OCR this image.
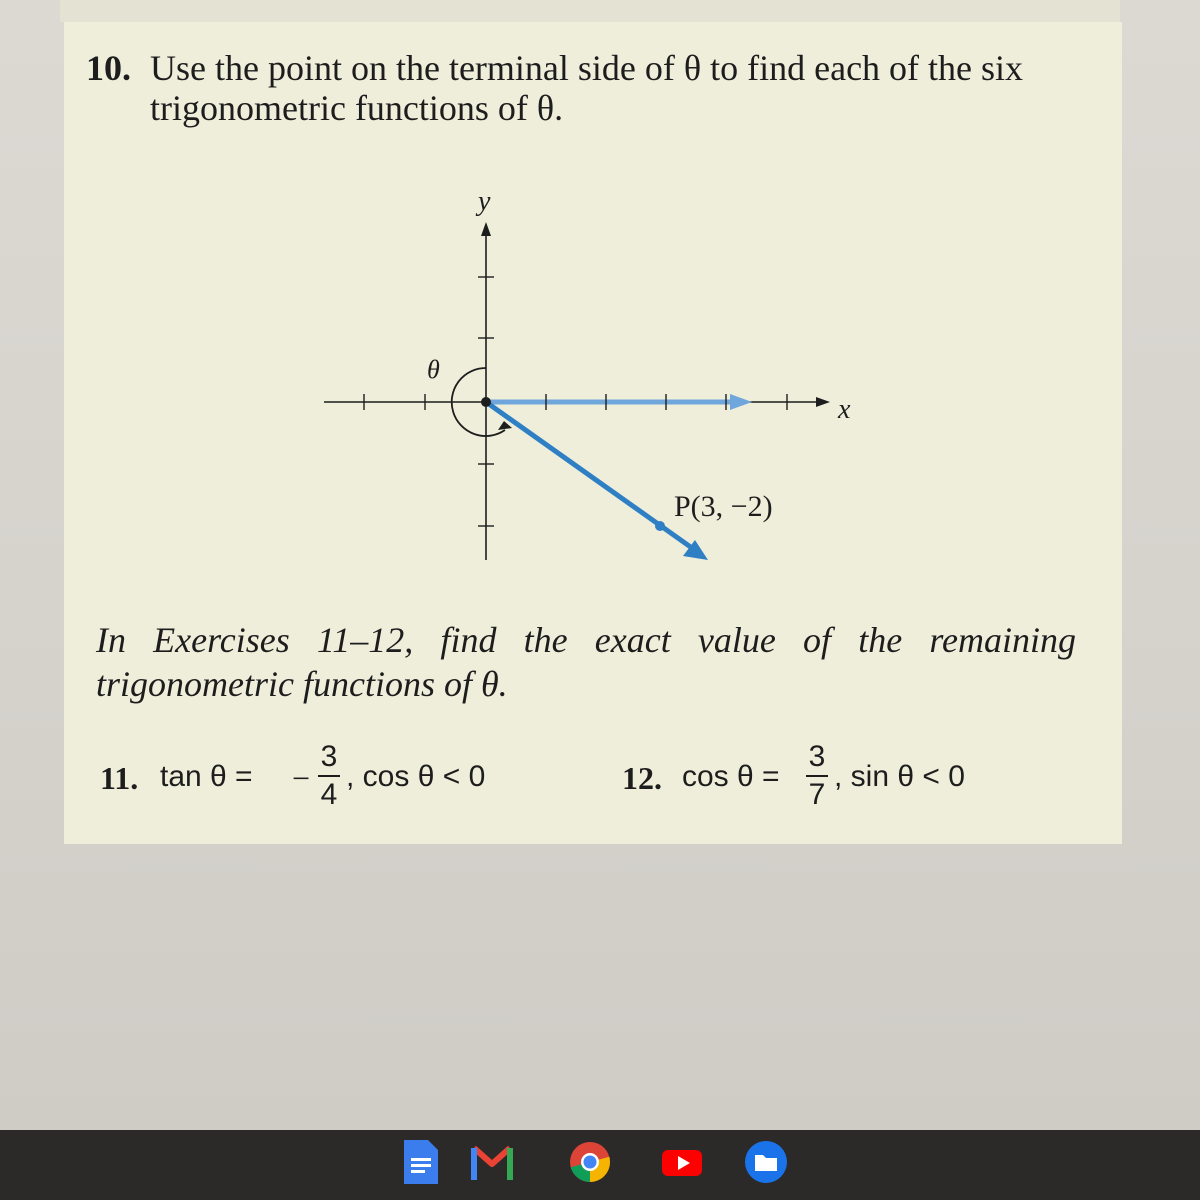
10. Use the point on the terminal side of θ to find each of the six trigonometric functions of θ.
y
x
θ
P(3, −2)
In Exercises 11–12, find the exact value of the remaining trigonometric functions of θ.
11. tan θ = −
3
4
, cos θ < 0	12. cos θ =
3
7
, sin θ < 0
